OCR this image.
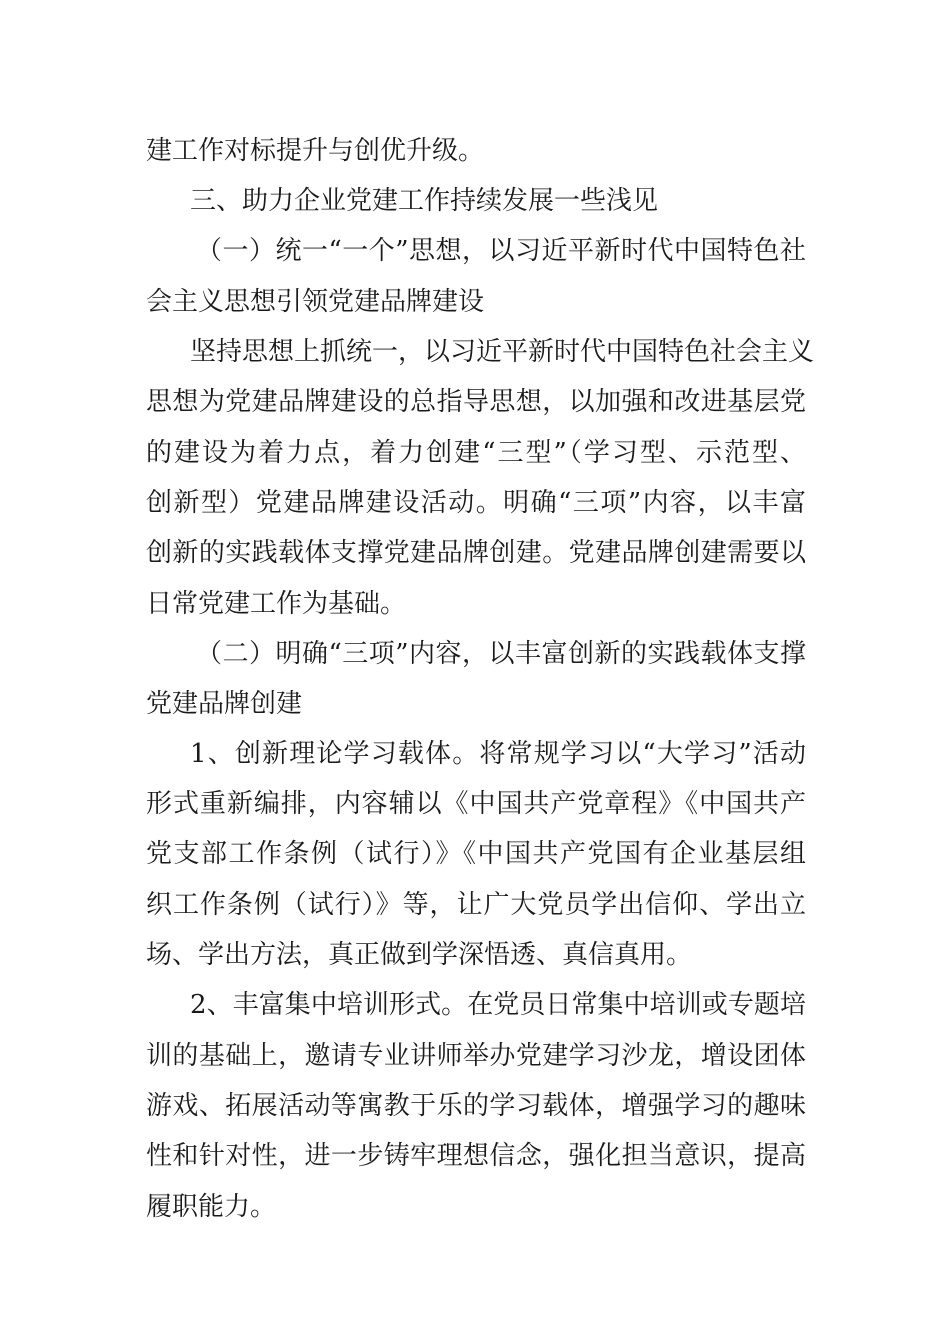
建工作对标提升与创优升级。
三、助力企业党建工作持续发展一些浅见
（一）统一“一个”思想，以习近平新时代中国特色社
会主义思想引领党建品牌建设
坚持思想上抓统一，以习近平新时代中国特色社会主义
思想为党建品牌建设的总指导思想，以加强和改进基层党
的建设为着力点，着力创建“三型”（学习型、示范型、
创新型）党建品牌建设活动。明确“三项”内容，以丰富
创新的实践载体支撑党建品牌创建。党建品牌创建需要以
日常党建工作为基础。
（二）明确“三项”内容，以丰富创新的实践载体支撑
党建品牌创建
1、创新理论学习载体。将常规学习以“大学习”活动
形式重新编排，内容辅以《中国共产党章程》《中国共产
党支部工作条例（试行）》《中国共产党国有企业基层组
织工作条例（试行）》等，让广大党员学出信仰、学出立
场、学出方法，真正做到学深悟透、真信真用。
2、丰富集中培训形式。在党员日常集中培训或专题培
训的基础上，邀请专业讲师举办党建学习沙龙，增设团体
游戏、拓展活动等寓教于乐的学习载体，增强学习的趣味
性和针对性，进一步铸牢理想信念，强化担当意识，提高
履职能力。
